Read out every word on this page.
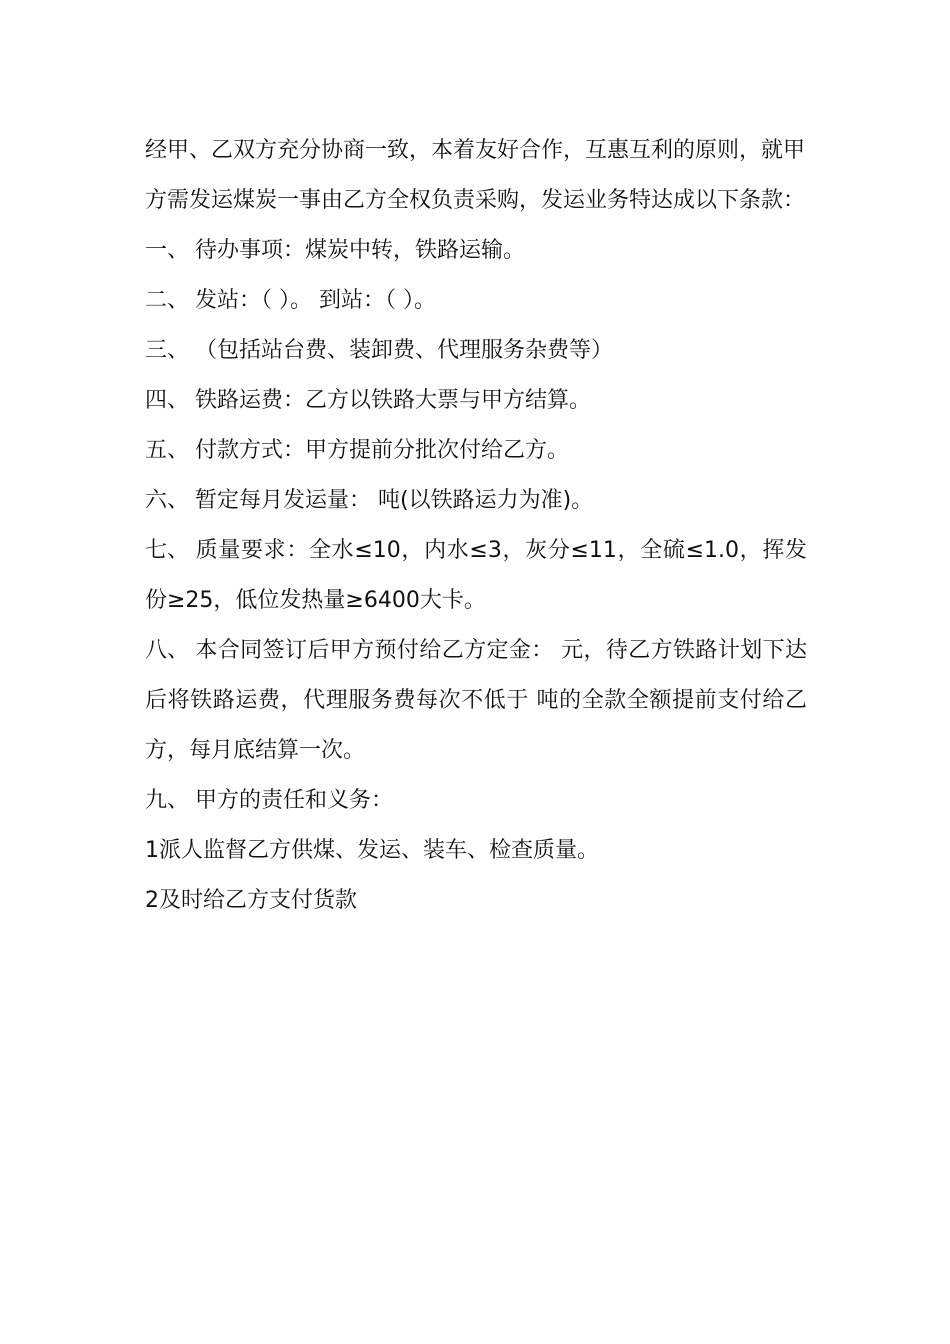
经甲、乙双方充分协商一致，本着友好合作，互惠互利的原则，就甲方需发运煤炭一事由乙方全权负责采购，发运业务特达成以下条款：

一、 待办事项：煤炭中转，铁路运输。

二、 发站：（ ）。 到站：（ ）。

三、 （包括站台费、装卸费、代理服务杂费等）

四、 铁路运费：乙方以铁路大票与甲方结算。

五、 付款方式：甲方提前分批次付给乙方。

六、 暂定每月发运量： 吨(以铁路运力为准)。

七、 质量要求：全水≤10，内水≤3，灰分≤11，全硫≤1.0，挥发份≥25，低位发热量≥6400大卡。

八、 本合同签订后甲方预付给乙方定金： 元，待乙方铁路计划下达后将铁路运费，代理服务费每次不低于 吨的全款全额提前支付给乙方，每月底结算一次。

九、 甲方的责任和义务：

1派人监督乙方供煤、发运、装车、检查质量。

2及时给乙方支付货款
